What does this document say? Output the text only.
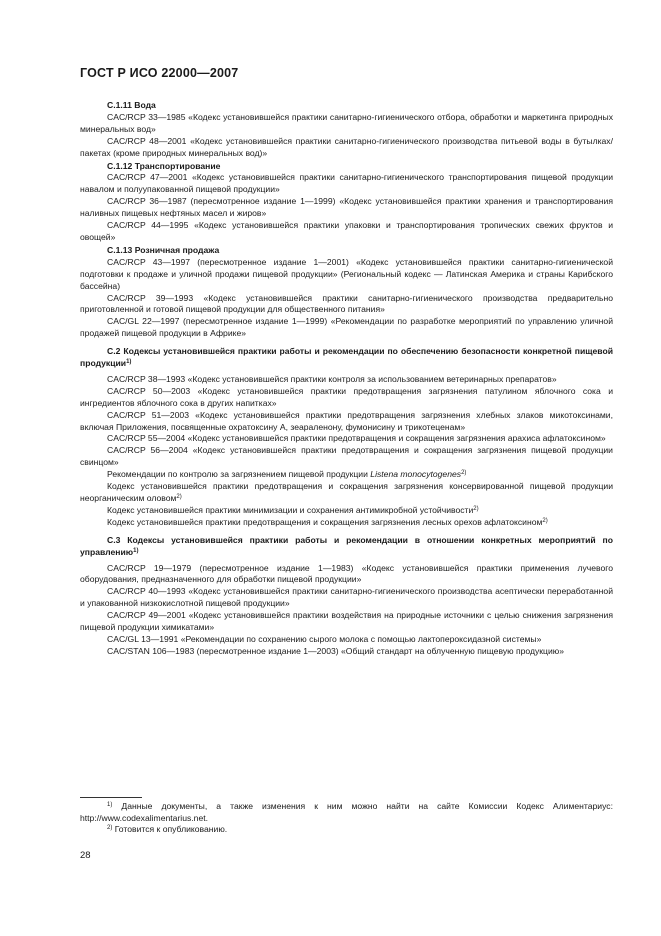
ГОСТ Р ИСО 22000—2007

С.1.11 Вода

CAC/RCP 33—1985 «Кодекс установившейся практики санитарно-гигиенического отбора, обработки и маркетинга природных минеральных вод»

CAC/RCP 48—2001 «Кодекс установившейся практики санитарно-гигиенического производства питьевой воды в бутылках/пакетах (кроме природных минеральных вод)»

С.1.12 Транспортирование

CAC/RCP 47—2001 «Кодекс установившейся практики санитарно-гигиенического транспортирования пищевой продукции навалом и полуупакованной пищевой продукции»

CAC/RCP 36—1987 (пересмотренное издание 1—1999) «Кодекс установившейся практики хранения и транспортирования наливных пищевых нефтяных масел и жиров»

CAC/RCP 44—1995 «Кодекс установившейся практики упаковки и транспортирования тропических свежих фруктов и овощей»

С.1.13 Розничная продажа

CAC/RCP 43—1997 (пересмотренное издание 1—2001) «Кодекс установившейся практики санитарно-гигиенической подготовки к продаже и уличной продажи пищевой продукции» (Региональный кодекс — Латинская Америка и страны Карибского бассейна)

CAC/RCP 39—1993 «Кодекс установившейся практики санитарно-гигиенического производства предварительно приготовленной и готовой пищевой продукции для общественного питания»

CAC/GL 22—1997 (пересмотренное издание 1—1999) «Рекомендации по разработке мероприятий по управлению уличной продажей пищевой продукции в Африке»

С.2 Кодексы установившейся практики работы и рекомендации по обеспечению безопасности конкретной пищевой продукции$^{1)}$

CAC/RCP 38—1993 «Кодекс установившейся практики контроля за использованием ветеринарных препаратов»

CAC/RCP 50—2003 «Кодекс установившейся практики предотвращения загрязнения патулином яблочного сока и ингредиентов яблочного сока в других напитках»

CAC/RCP 51—2003 «Кодекс установившейся практики предотвращения загрязнения хлебных злаков микотоксинами, включая Приложения, посвященные охратоксину А, зеараленону, фумонисину и трикотеценам»

CAC/RCP 55—2004 «Кодекс установившейся практики предотвращения и сокращения загрязнения арахиса афлатоксином»

CAC/RCP 56—2004 «Кодекс установившейся практики предотвращения и сокращения загрязнения пищевой продукции свинцом»

Рекомендации по контролю за загрязнением пищевой продукции Listena monocytogenes$^{2)}$

Кодекс установившейся практики предотвращения и сокращения загрязнения консервированной пищевой продукции неорганическим оловом$^{2)}$

Кодекс установившейся практики минимизации и сохранения антимикробной устойчивости$^{2)}$

Кодекс установившейся практики предотвращения и сокращения загрязнения лесных орехов афлатоксином$^{2)}$

С.3 Кодексы установившейся практики работы и рекомендации в отношении конкретных мероприятий по управлению$^{1)}$

CAC/RCP 19—1979 (пересмотренное издание 1—1983) «Кодекс установившейся практики применения лучевого оборудования, предназначенного для обработки пищевой продукции»

CAC/RCP 40—1993 «Кодекс установившейся практики санитарно-гигиенического производства асептически переработанной и упакованной низкокислотной пищевой продукции»

CAC/RCP 49—2001 «Кодекс установившейся практики воздействия на природные источники с целью снижения загрязнения пищевой продукции химикатами»

CAC/GL 13—1991 «Рекомендации по сохранению сырого молока с помощью лактопероксидазной системы»

CAC/STAN 106—1983 (пересмотренное издание 1—2003) «Общий стандарт на облученную пищевую продукцию»

$^{1)}$ Данные документы, а также изменения к ним можно найти на сайте Комиссии Кодекс Алиментариус: http://www.codexalimentarius.net.

$^{2)}$ Готовится к опубликованию.

28
